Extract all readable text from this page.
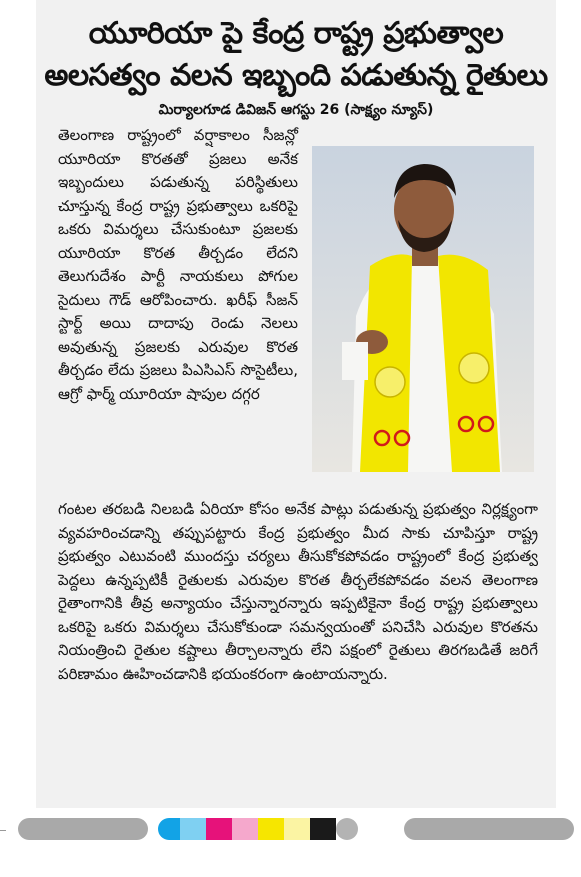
యూరియా పై కేంద్ర రాష్ట్ర ప్రభుత్వాల
అలసత్వం వలన ఇబ్బంది పడుతున్న రైతులు
మిర్యాలగూడ డివిజన్ ఆగస్టు 26 (సాక్ష్యం న్యూస్)
తెలంగాణ రాష్ట్రంలో వర్షాకాలం సీజన్లో యూరియా కొరతతో ప్రజలు అనేక ఇబ్బందులు పడుతున్న పరిస్థితులు చూస్తున్న కేంద్ర రాష్ట్ర ప్రభుత్వాలు ఒకరిపై ఒకరు విమర్శలు చేసుకుంటూ ప్రజలకు యూరియా కొరత తీర్చడం లేదని తెలుగుదేశం పార్టీ నాయకులు పోగుల సైదులు గౌడ్ ఆరోపించారు. ఖరీఫ్ సీజన్ స్టార్ట్ అయి దాదాపు రెండు నెలలు అవుతున్న ప్రజలకు ఎరువుల కొరత తీర్చడం లేదు ప్రజలు పిఎసిఎస్ సొసైటీలు, ఆగ్రో ఫార్మ్ యూరియా షాపుల దగ్గర
గంటల తరబడి నిలబడి ఏరియా కోసం అనేక పాట్లు పడుతున్న ప్రభుత్వం నిర్లక్ష్యంగా వ్యవహరించడాన్ని తప్పుపట్టారు కేంద్ర ప్రభుత్వం మీద సాకు చూపిస్తూ రాష్ట్ర ప్రభుత్వం ఎటువంటి ముందస్తు చర్యలు తీసుకోకపోవడం రాష్ట్రంలో కేంద్ర ప్రభుత్వ పెద్దలు ఉన్నప్పటికీ రైతులకు ఎరువుల కొరత తీర్చలేకపోవడం వలన తెలంగాణ రైతాంగానికి తీవ్ర అన్యాయం చేస్తున్నారన్నారు ఇప్పటికైనా కేంద్ర రాష్ట్ర ప్రభుత్వాలు ఒకరిపై ఒకరు విమర్శలు చేసుకోకుండా సమన్వయంతో పనిచేసి ఎరువుల కొరతను నియంత్రించి రైతుల కష్టాలు తీర్చాలన్నారు లేని పక్షంలో రైతులు తిరగబడితే జరిగే పరిణామం ఊహించడానికి భయంకరంగా ఉంటాయన్నారు.
